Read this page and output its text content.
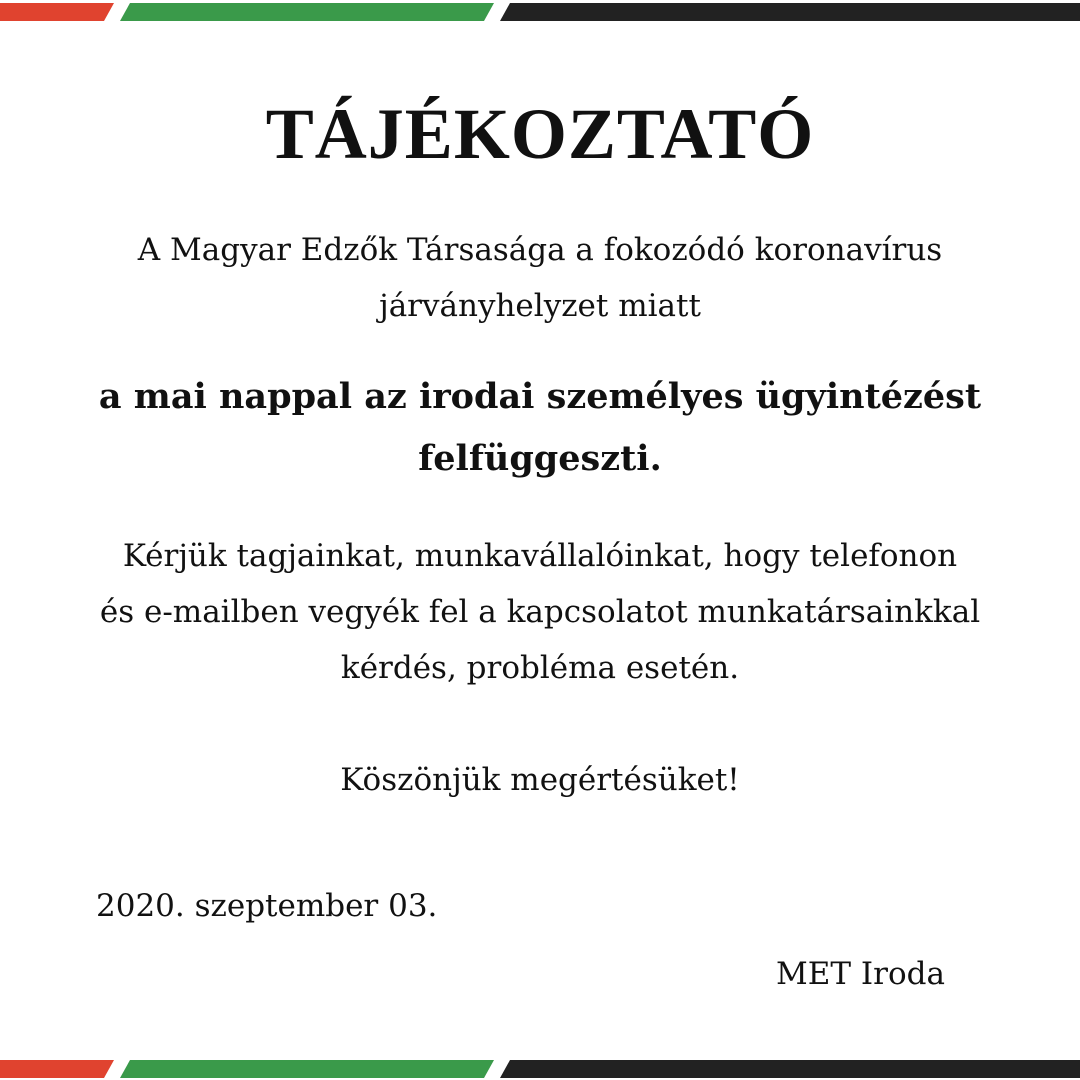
TÁJÉKOZTATÓ

A Magyar Edzők Társasága a fokozódó koronavírus
járványhelyzet miatt

a mai nappal az irodai személyes ügyintézést
felfüggeszti.

Kérjük tagjainkat, munkavállalóinkat, hogy telefonon
és e-mailben vegyék fel a kapcsolatot munkatársainkkal
kérdés, probléma esetén.

Köszönjük megértésüket!

2020. szeptember 03.

MET Iroda
